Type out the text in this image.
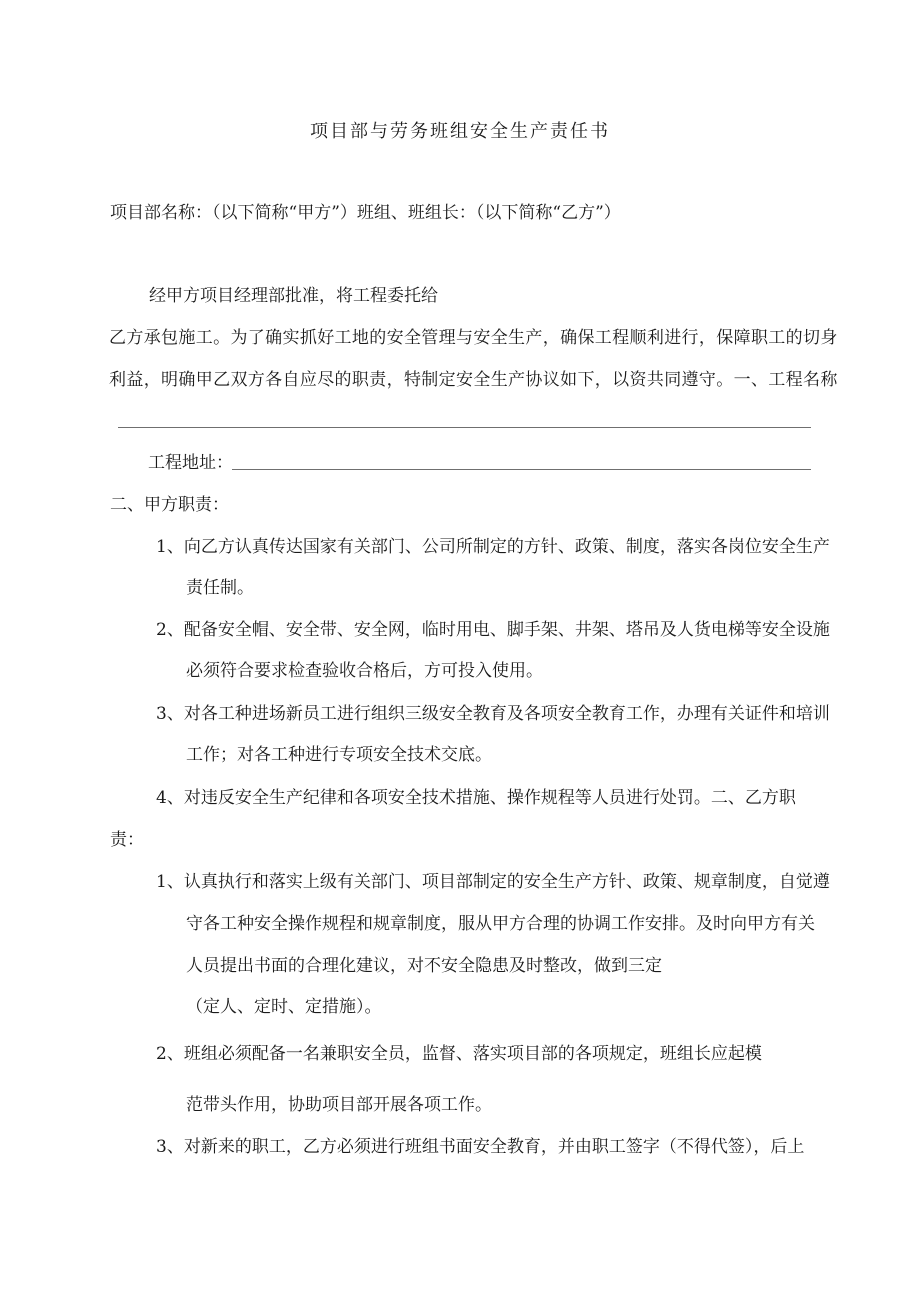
项目部与劳务班组安全生产责任书
项目部名称：（以下简称“甲方”）班组、班组长：（以下简称“乙方”）
经甲方项目经理部批准，将工程委托给
乙方承包施工。为了确实抓好工地的安全管理与安全生产，确保工程顺利进行，保障职工的切身
利益，明确甲乙双方各自应尽的职责，特制定安全生产协议如下，以资共同遵守。一、工程名称
工程地址：
二、甲方职责：
1、向乙方认真传达国家有关部门、公司所制定的方针、政策、制度，落实各岗位安全生产
责任制。
2、配备安全帽、安全带、安全网，临时用电、脚手架、井架、塔吊及人货电梯等安全设施
必须符合要求检查验收合格后，方可投入使用。
3、对各工种进场新员工进行组织三级安全教育及各项安全教育工作，办理有关证件和培训
工作；对各工种进行专项安全技术交底。
4、对违反安全生产纪律和各项安全技术措施、操作规程等人员进行处罚。二、乙方职
责：
1、认真执行和落实上级有关部门、项目部制定的安全生产方针、政策、规章制度，自觉遵
守各工种安全操作规程和规章制度，服从甲方合理的协调工作安排。及时向甲方有关
人员提出书面的合理化建议，对不安全隐患及时整改，做到三定
（定人、定时、定措施）。
2、班组必须配备一名兼职安全员，监督、落实项目部的各项规定，班组长应起模
范带头作用，协助项目部开展各项工作。
3、对新来的职工，乙方必须进行班组书面安全教育，并由职工签字（不得代签），后上
